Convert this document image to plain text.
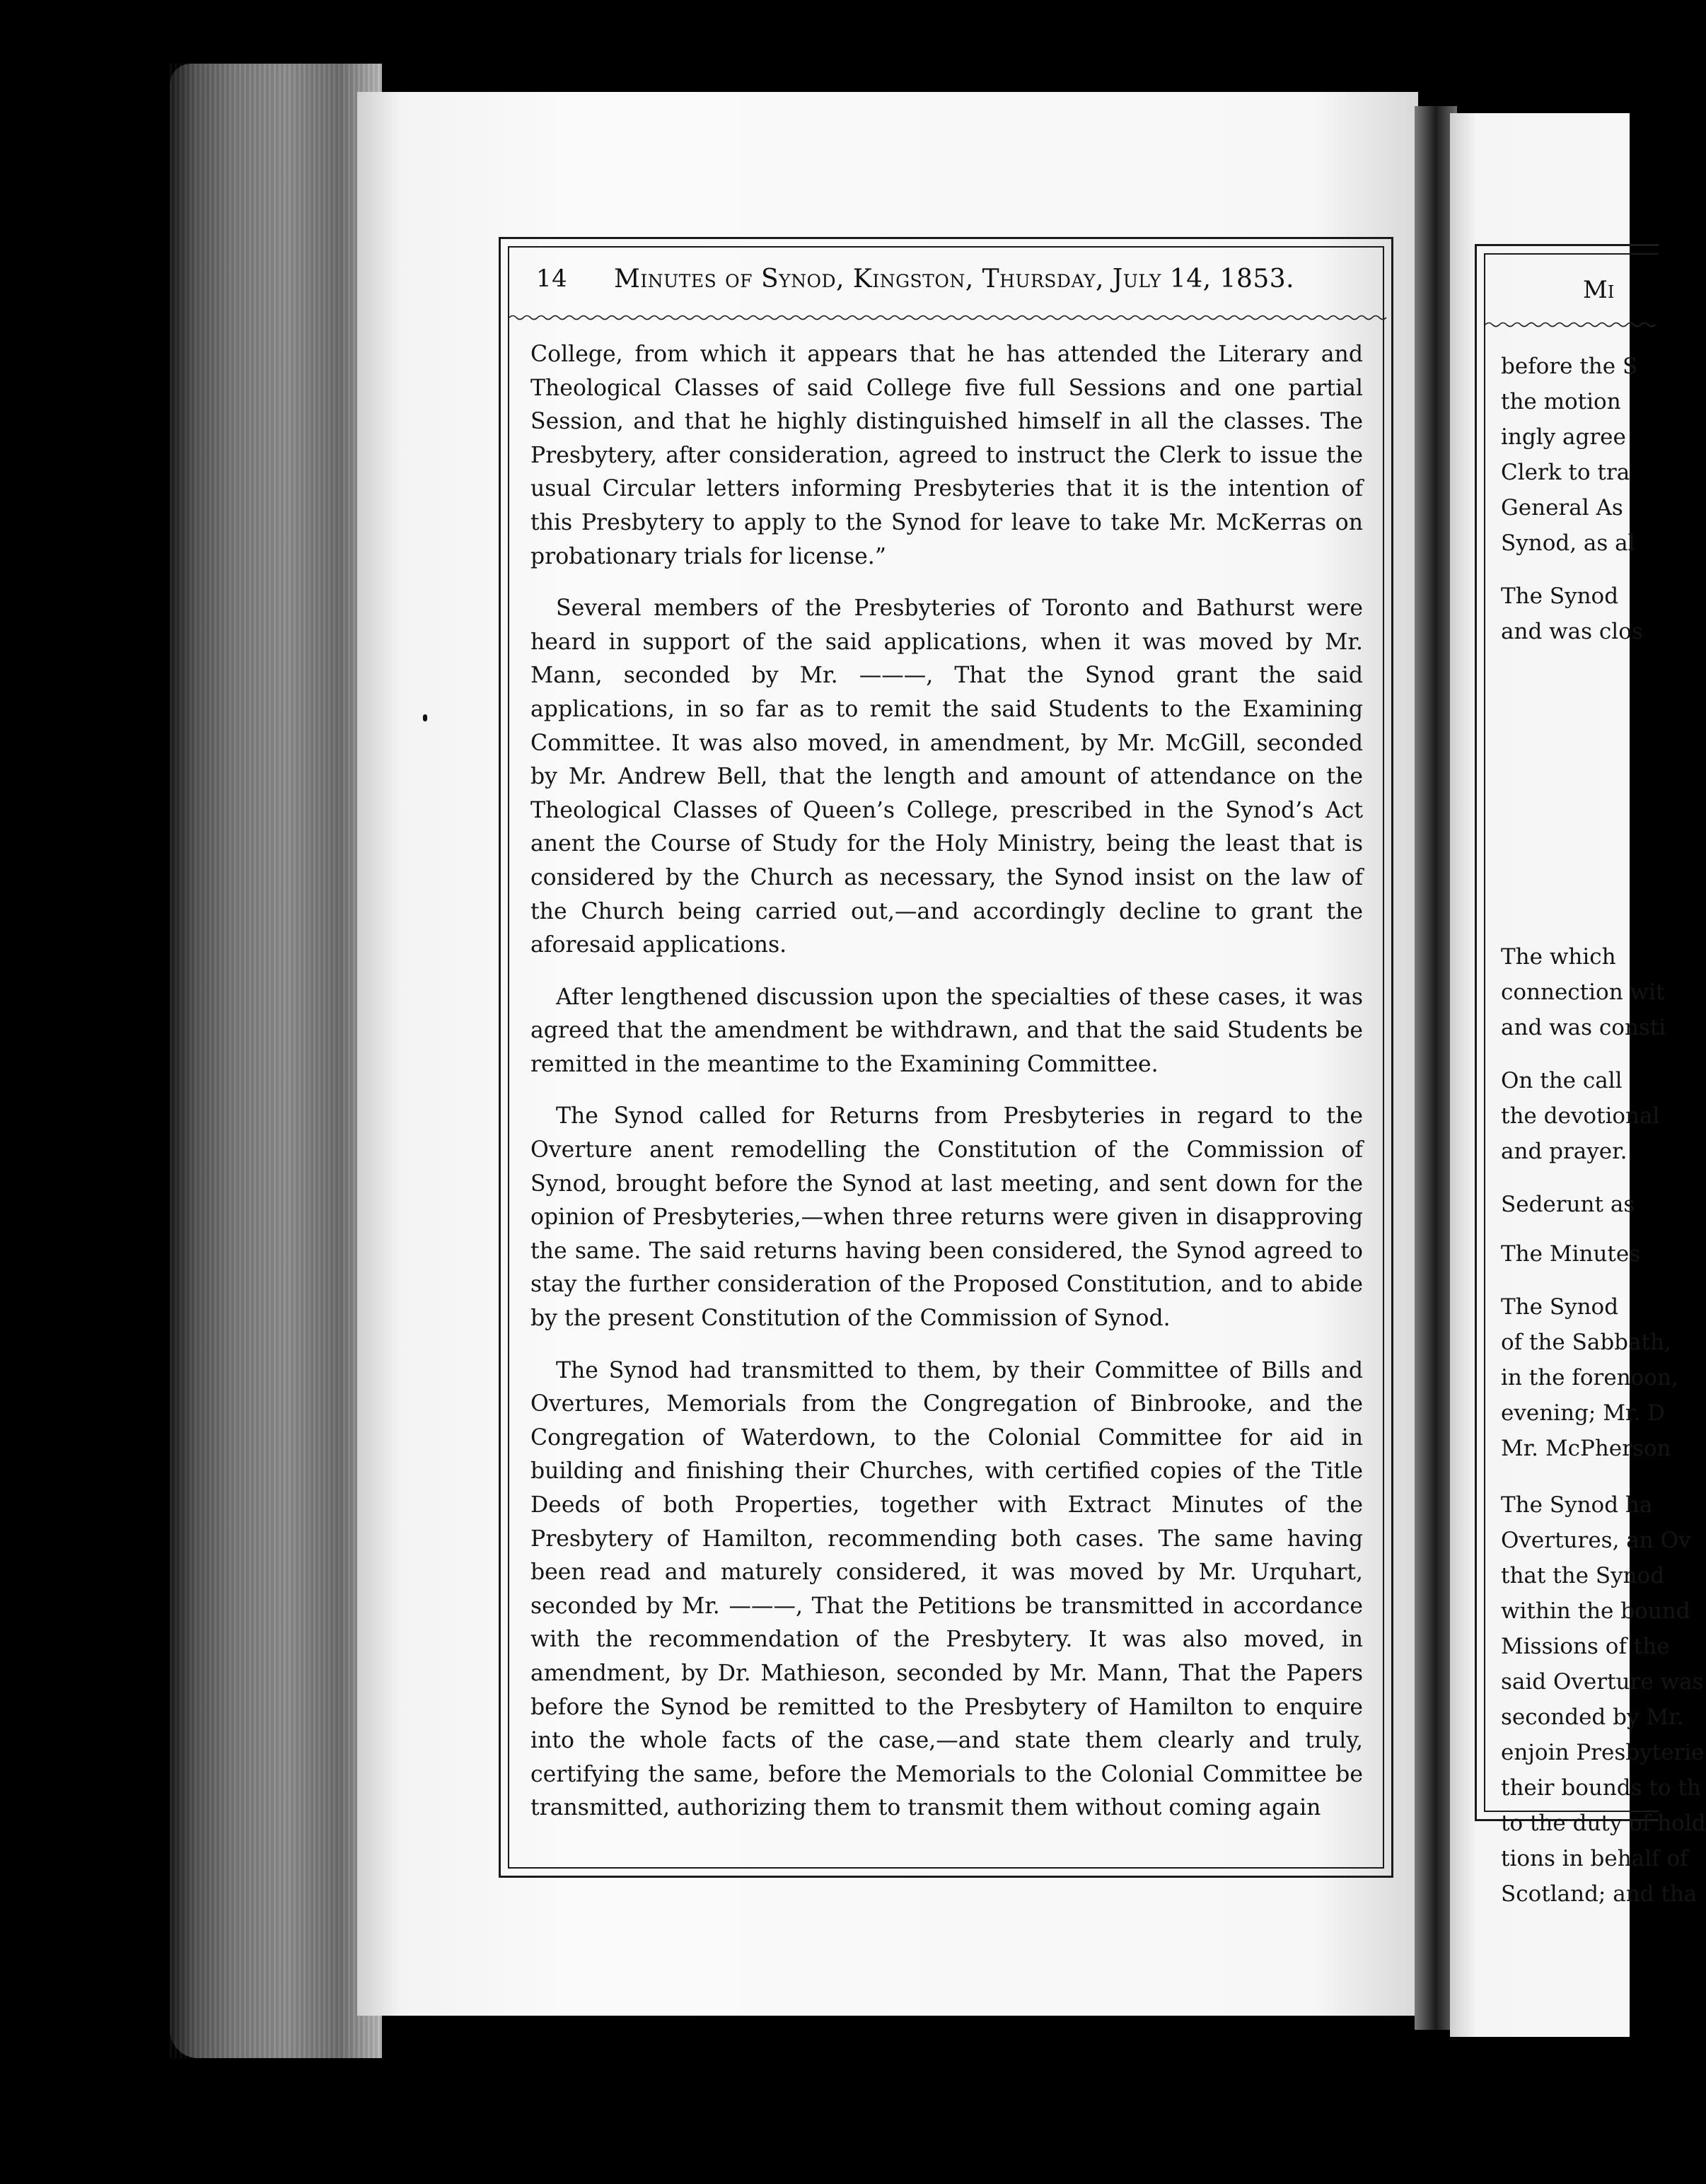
14	Minutes of Synod, Kingston, Thursday, July 14, 1853.

College, from which it appears that he has attended the Literary and Theological Classes of said College five full Sessions and one partial Session, and that he highly distinguished himself in all the classes. The Presbytery, after consideration, agreed to instruct the Clerk to issue the usual Circular letters informing Presbyteries that it is the intention of this Presbytery to apply to the Synod for leave to take Mr. McKerras on probationary trials for license.”

Several members of the Presbyteries of Toronto and Bathurst were heard in support of the said applications, when it was moved by Mr. Mann, seconded by Mr. ———, That the Synod grant the said applications, in so far as to remit the said Students to the Examining Committee. It was also moved, in amendment, by Mr. McGill, seconded by Mr. Andrew Bell, that the length and amount of attendance on the Theological Classes of Queen’s College, prescribed in the Synod’s Act anent the Course of Study for the Holy Ministry, being the least that is considered by the Church as necessary, the Synod insist on the law of the Church being carried out,—and accordingly decline to grant the aforesaid applications.

After lengthened discussion upon the specialties of these cases, it was agreed that the amendment be withdrawn, and that the said Students be remitted in the meantime to the Examining Committee.

The Synod called for Returns from Presbyteries in regard to the Overture anent remodelling the Constitution of the Commission of Synod, brought before the Synod at last meeting, and sent down for the opinion of Presbyteries,—when three returns were given in disapproving the same. The said returns having been considered, the Synod agreed to stay the further consideration of the Proposed Constitution, and to abide by the present Constitution of the Commission of Synod.

The Synod had transmitted to them, by their Committee of Bills and Overtures, Memorials from the Congregation of Binbrooke, and the Congregation of Waterdown, to the Colonial Committee for aid in building and finishing their Churches, with certified copies of the Title Deeds of both Properties, together with Extract Minutes of the Presbytery of Hamilton, recommending both cases. The same having been read and maturely considered, it was moved by Mr. Urquhart, seconded by Mr. ———, That the Petitions be transmitted in accordance with the recommendation of the Presbytery. It was also moved, in amendment, by Dr. Mathieson, seconded by Mr. Mann, That the Papers before the Synod be remitted to the Presbytery of Hamilton to enquire into the whole facts of the case,—and state them clearly and truly, certifying the same, before the Memorials to the Colonial Committee be transmitted, authorizing them to transmit them without coming again

Mi
before the S
the motion
ingly agree
Clerk to tra
General As
Synod, as al
The Synod
and was clos
The which
connection wit
and was consti
On the call
the devotional
and prayer.
Sederunt as
The Minutes
The Synod
of the Sabbath,
in the forenoon,
evening; Mr. D
Mr. McPherson
The Synod ha
Overtures, an Ov
that the Synod
within the bound
Missions of the
said Overture was
seconded by Mr.
enjoin Presbyterie
their bounds to th
to the duty of hold
tions in behalf of
Scotland; and tha
